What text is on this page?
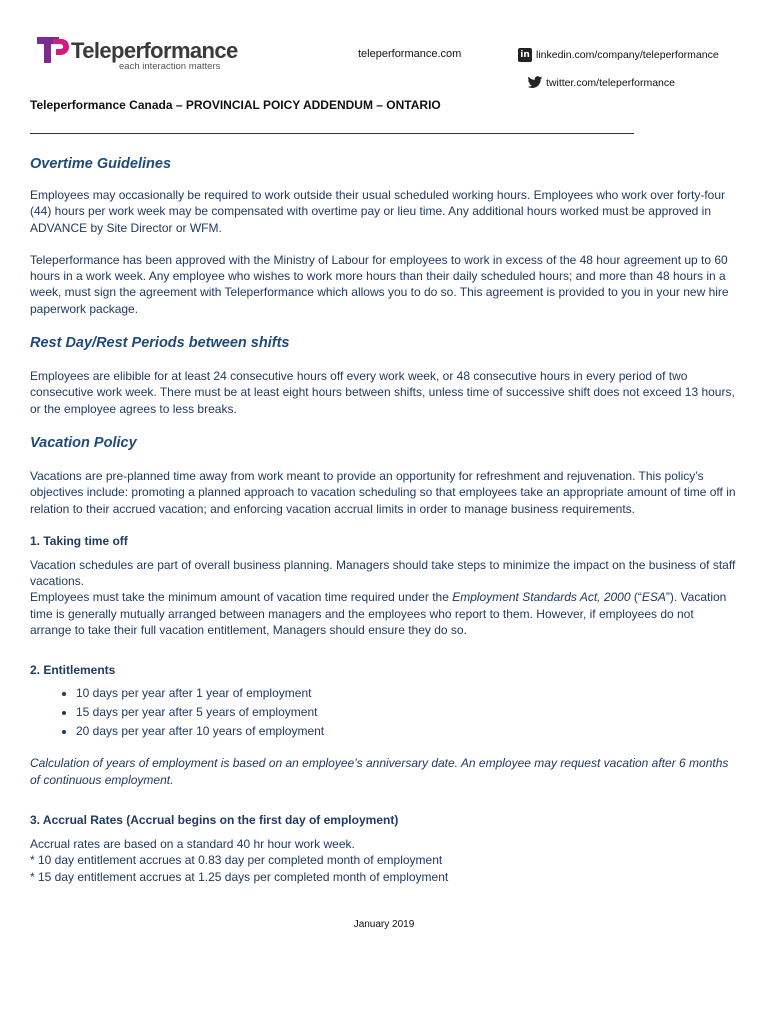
Teleperformance
each interaction matters
teleperformance.com	in linkedin.com/company/teleperformance
twitter.com/teleperformance
Teleperformance Canada – PROVINCIAL POICY ADDENDUM – ONTARIO
Overtime Guidelines

Employees may occasionally be required to work outside their usual scheduled working hours. Employees who work over forty-four (44) hours per work week may be compensated with overtime pay or lieu time. Any additional hours worked must be approved in ADVANCE by Site Director or WFM.

Teleperformance has been approved with the Ministry of Labour for employees to work in excess of the 48 hour agreement up to 60 hours in a work week. Any employee who wishes to work more hours than their daily scheduled hours; and more than 48 hours in a week, must sign the agreement with Teleperformance which allows you to do so. This agreement is provided to you in your new hire paperwork package.

Rest Day/Rest Periods between shifts

Employees are elibible for at least 24 consecutive hours off every work week, or 48 consecutive hours in every period of two consecutive work week. There must be at least eight hours between shifts, unless time of successive shift does not exceed 13 hours, or the employee agrees to less breaks.

Vacation Policy

Vacations are pre-planned time away from work meant to provide an opportunity for refreshment and rejuvenation. This policy’s objectives include: promoting a planned approach to vacation scheduling so that employees take an appropriate amount of time off in relation to their accrued vacation; and enforcing vacation accrual limits in order to manage business requirements.

1. Taking time off

Vacation schedules are part of overall business planning. Managers should take steps to minimize the impact on the business of staff vacations.

Employees must take the minimum amount of vacation time required under the Employment Standards Act, 2000 (“ESA”). Vacation time is generally mutually arranged between managers and the employees who report to them. However, if employees do not arrange to take their full vacation entitlement, Managers should ensure they do so.

2. Entitlements
• 10 days per year after 1 year of employment
• 15 days per year after 5 years of employment
• 20 days per year after 10 years of employment

Calculation of years of employment is based on an employee’s anniversary date. An employee may request vacation after 6 months of continuous employment.

3. Accrual Rates (Accrual begins on the first day of employment)

Accrual rates are based on a standard 40 hr hour work week.

* 10 day entitlement accrues at 0.83 day per completed month of employment

* 15 day entitlement accrues at 1.25 days per completed month of employment

January 2019
